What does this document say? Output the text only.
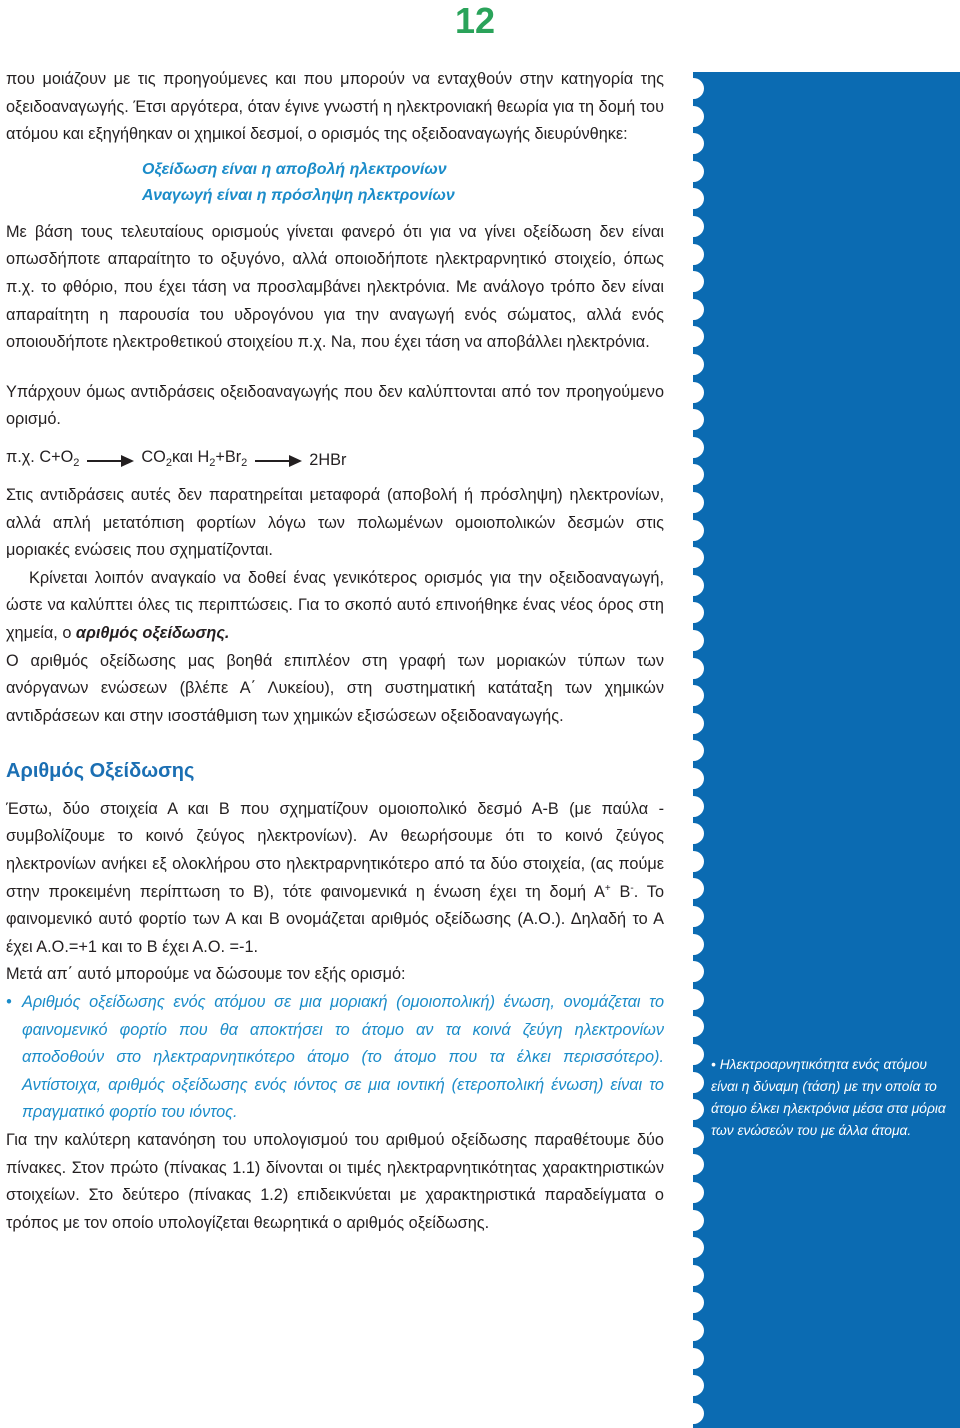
12
• Ηλεκτροαρνητικότητα ενός ατόμου είναι η δύναμη (τάση) με την οποία το άτομο έλκει ηλεκτρόνια μέσα στα μόρια των ενώσεών του με άλλα άτομα.

που μοιάζουν με τις προηγούμενες και που μπορούν να ενταχθούν στην κατηγορία της οξειδοαναγωγής. Έτσι αργότερα, όταν έγινε γνωστή η ηλεκτρονιακή θεωρία για τη δομή του ατόμου και εξηγήθηκαν οι χημικοί δεσμοί, ο ορισμός της οξειδοαναγωγής διευρύνθηκε:

Οξείδωση είναι η αποβολή ηλεκτρονίων
Αναγωγή είναι η πρόσληψη ηλεκτρονίων

Με βάση τους τελευταίους ορισμούς γίνεται φανερό ότι για να γίνει οξείδωση δεν είναι οπωσδήποτε απαραίτητο το οξυγόνο, αλλά οποιοδήποτε ηλεκτραρνητικό στοιχείο, όπως π.χ. το φθόριο, που έχει τάση να προσλαμβάνει ηλεκτρόνια. Με ανάλογο τρόπο δεν είναι απαραίτητη η παρουσία του υδρογόνου για την αναγωγή ενός σώματος, αλλά ενός οποιουδήποτε ηλεκτροθετικού στοιχείου π.χ. Na, που έχει τάση να αποβάλλει ηλεκτρόνια.

Υπάρχουν όμως αντιδράσεις οξειδοαναγωγής που δεν καλύπτονται από τον προηγούμενο ορισμό.

π.χ. $C+O_2 \to CO_2$ και $H_2+Br_2 \to 2HBr$

Στις αντιδράσεις αυτές δεν παρατηρείται μεταφορά (αποβολή ή πρόσληψη) ηλεκτρονίων, αλλά απλή μετατόπιση φορτίων λόγω των πολωμένων ομοιοπολικών δεσμών στις μοριακές ενώσεις που σχηματίζονται.

Κρίνεται λοιπόν αναγκαίο να δοθεί ένας γενικότερος ορισμός για την οξειδοαναγωγή, ώστε να καλύπτει όλες τις περιπτώσεις. Για το σκοπό αυτό επινοήθηκε ένας νέος όρος στη χημεία, ο αριθμός οξείδωσης.

Ο αριθμός οξείδωσης μας βοηθά επιπλέον στη γραφή των μοριακών τύπων των ανόργανων ενώσεων (βλέπε Α΄ Λυκείου), στη συστηματική κατάταξη των χημικών αντιδράσεων και στην ισοστάθμιση των χημικών εξισώσεων οξειδοαναγωγής.

Αριθμός Οξείδωσης

Έστω, δύο στοιχεία Α και Β που σχηματίζουν ομοιοπολικό δεσμό Α-Β (με παύλα - συμβολίζουμε το κοινό ζεύγος ηλεκτρονίων). Αν θεωρήσουμε ότι το κοινό ζεύγος ηλεκτρονίων ανήκει εξ ολοκλήρου στο ηλεκτραρνητικότερο από τα δύο στοιχεία, (ας πούμε στην προκειμένη περίπτωση το Β), τότε φαινομενικά η ένωση έχει τη δομή Α+ Β-. Το φαινομενικό αυτό φορτίο των Α και Β ονομάζεται αριθμός οξείδωσης (Α.Ο.). Δηλαδή το Α έχει Α.Ο.=+1 και το Β έχει Α.Ο. =-1.

Μετά απ΄ αυτό μπορούμε να δώσουμε τον εξής ορισμό:

• Αριθμός οξείδωσης ενός ατόμου σε μια μοριακή (ομοιοπολική) ένωση, ονομάζεται το φαινομενικό φορτίο που θα αποκτήσει το άτομο αν τα κοινά ζεύγη ηλεκτρονίων αποδοθούν στο ηλεκτραρνητικότερο άτομο (το άτομο που τα έλκει περισσότερο). Αντίστοιχα, αριθμός οξείδωσης ενός ιόντος σε μια ιοντική (ετεροπολική ένωση) είναι το πραγματικό φορτίο του ιόντος.

Για την καλύτερη κατανόηση του υπολογισμού του αριθμού οξείδωσης παραθέτουμε δύο πίνακες. Στον πρώτο (πίνακας 1.1) δίνονται οι τιμές ηλεκτραρνητικότητας χαρακτηριστικών στοιχείων. Στο δεύτερο (πίνακας 1.2) επιδεικνύεται με χαρακτηριστικά παραδείγματα ο τρόπος με τον οποίο υπολογίζεται θεωρητικά ο αριθμός οξείδωσης.
